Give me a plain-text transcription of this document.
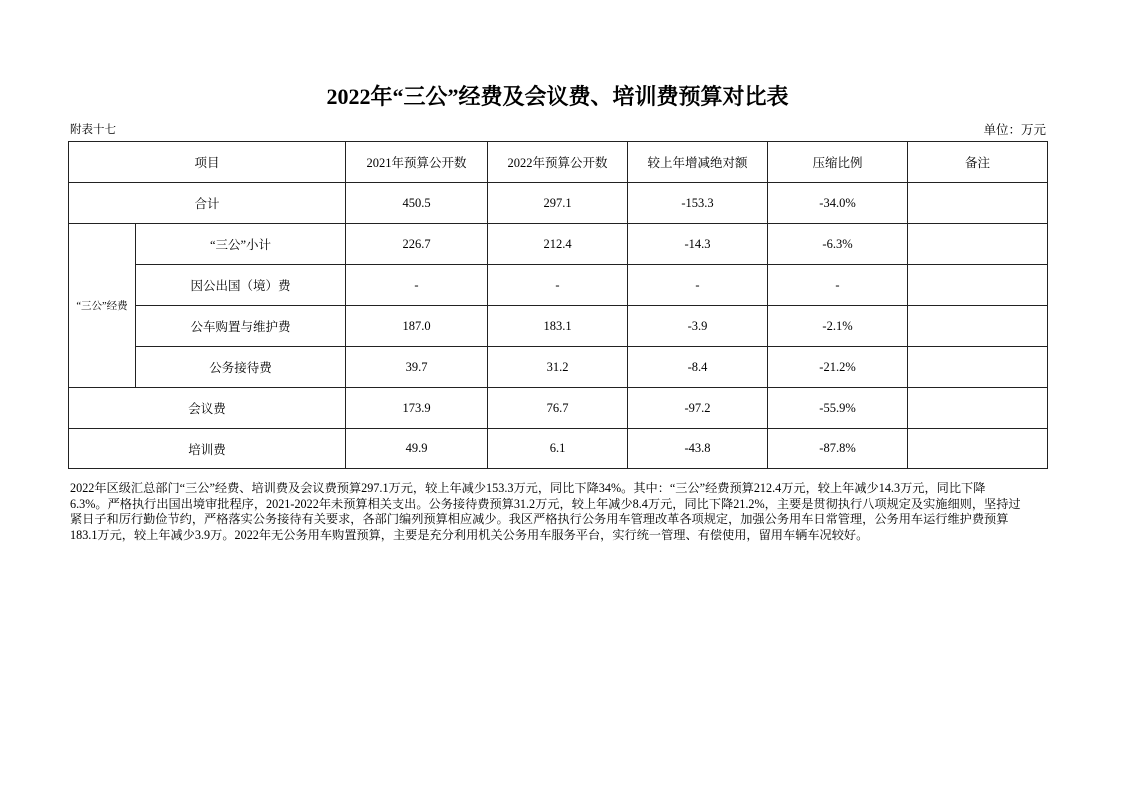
2022年“三公”经费及会议费、培训费预算对比表
附表十七	单位：万元
项目		2021年预算公开数	2022年预算公开数	较上年增减绝对额	压缩比例	备注
合计		450.5	297.1	-153.3	-34.0%	
“三公”经费	“三公”小计	226.7	212.4	-14.3	-6.3%	
	因公出国（境）费	-	-	-	-	
	公车购置与维护费	187.0	183.1	-3.9	-2.1%	
	公务接待费	39.7	31.2	-8.4	-21.2%	
会议费		173.9	76.7	-97.2	-55.9%	
培训费		49.9	6.1	-43.8	-87.8%	
2022年区级汇总部门“三公”经费、培训费及会议费预算297.1万元，较上年减少153.3万元，同比下降34%。其中：“三公”经费预算212.4万元，较上年减少14.3万元，同比下降
6.3%。严格执行出国出境审批程序，2021-2022年未预算相关支出。公务接待费预算31.2万元，较上年减少8.4万元，同比下降21.2%，主要是贯彻执行八项规定及实施细则，坚持过
紧日子和厉行勤俭节约，严格落实公务接待有关要求，各部门编列预算相应减少。我区严格执行公务用车管理改革各项规定，加强公务用车日常管理，公务用车运行维护费预算
183.1万元，较上年减少3.9万。2022年无公务用车购置预算，主要是充分利用机关公务用车服务平台，实行统一管理、有偿使用，留用车辆车况较好。
